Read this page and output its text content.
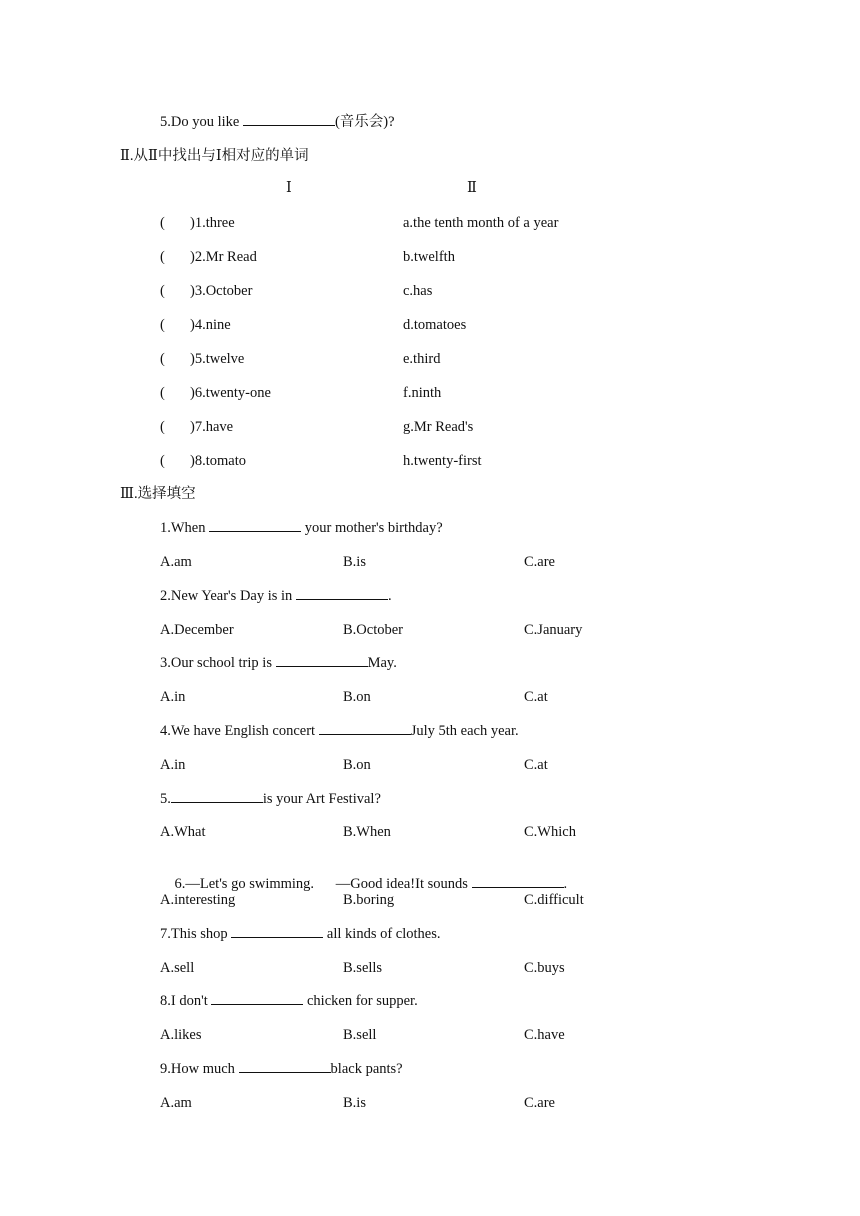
5.Do you like	(音乐会)?
Ⅱ.从Ⅱ中找出与Ⅰ相对应的单词
Ⅰ	Ⅱ
( )1.three	a.the tenth month of a year
( )2.Mr Read	b.twelfth
( )3.October	c.has
( )4.nine	d.tomatoes
( )5.twelve	e.third
( )6.twenty-one	f.ninth
( )7.have	g.Mr Read's
( )8.tomato	h.twenty-first
Ⅲ.选择填空
1.When	your mother's birthday?
A.am	B.is	C.are
2.New Year's Day is in	.
A.December	B.October	C.January
3.Our school trip is	May.
A.in	B.on	C.at
4.We have English concert	July 5th each year.
A.in	B.on	C.at
5.	is your Art Festival?
A.What	B.When	C.Which

6.—Let's go swimming.      —Good idea!It sounds	.

A.interesting	B.boring	C.difficult
7.This shop	all kinds of clothes.
A.sell	B.sells	C.buys
8.I don't	chicken for supper.
A.likes	B.sell	C.have
9.How much	black pants?
A.am	B.is	C.are
